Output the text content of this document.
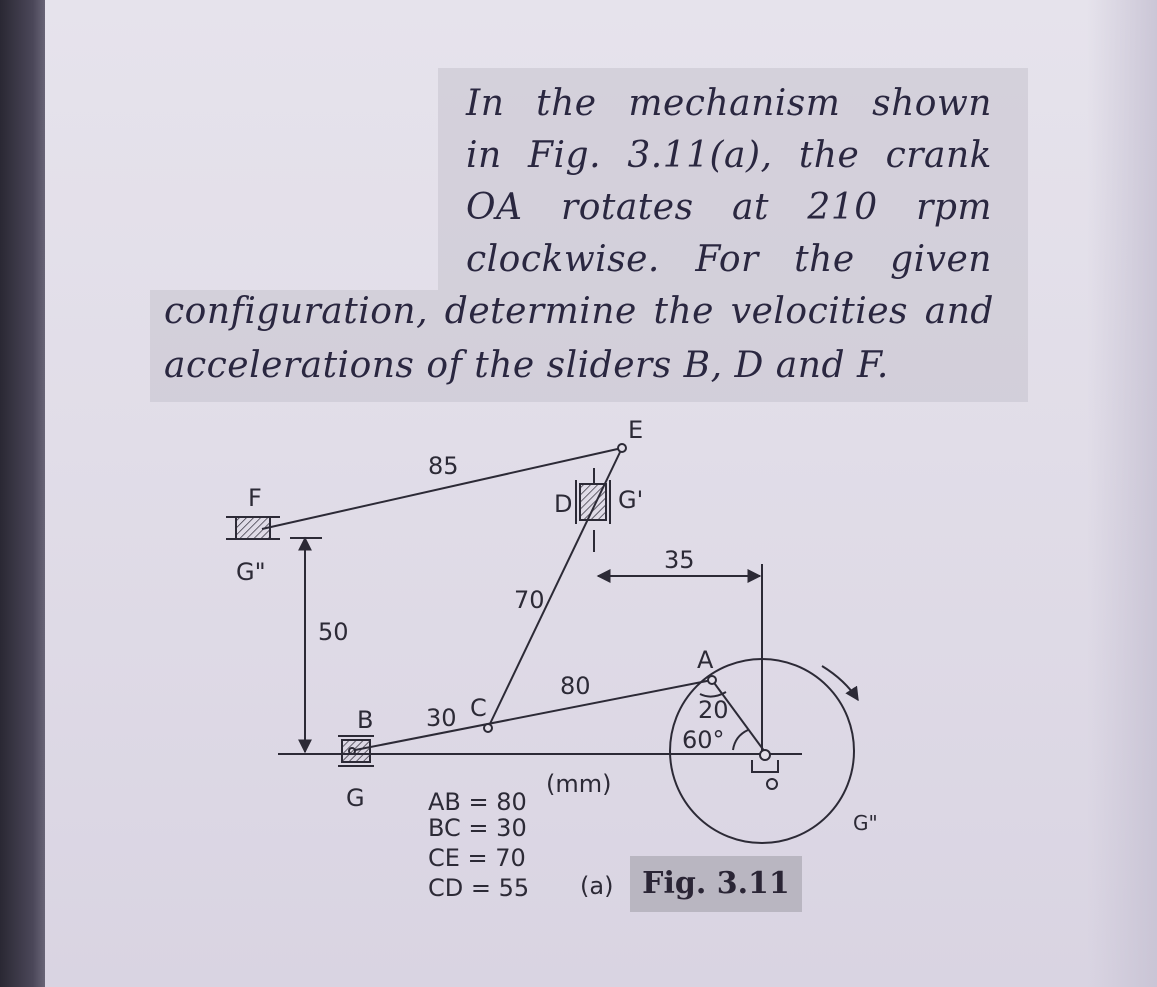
In the mechanism shown
in Fig. 3.11(a), the crank
OA rotates at 210 rpm
clockwise. For the given
configuration, determine the velocities and
accelerations of the sliders B, D and F.
E
F
G"
D G'
B
G
C
A
G"
85
35
70
50
80
30	20
60°
(mm)
AB = 80
BC = 30
CE = 70
CD = 55 (a) Fig. 3.11
